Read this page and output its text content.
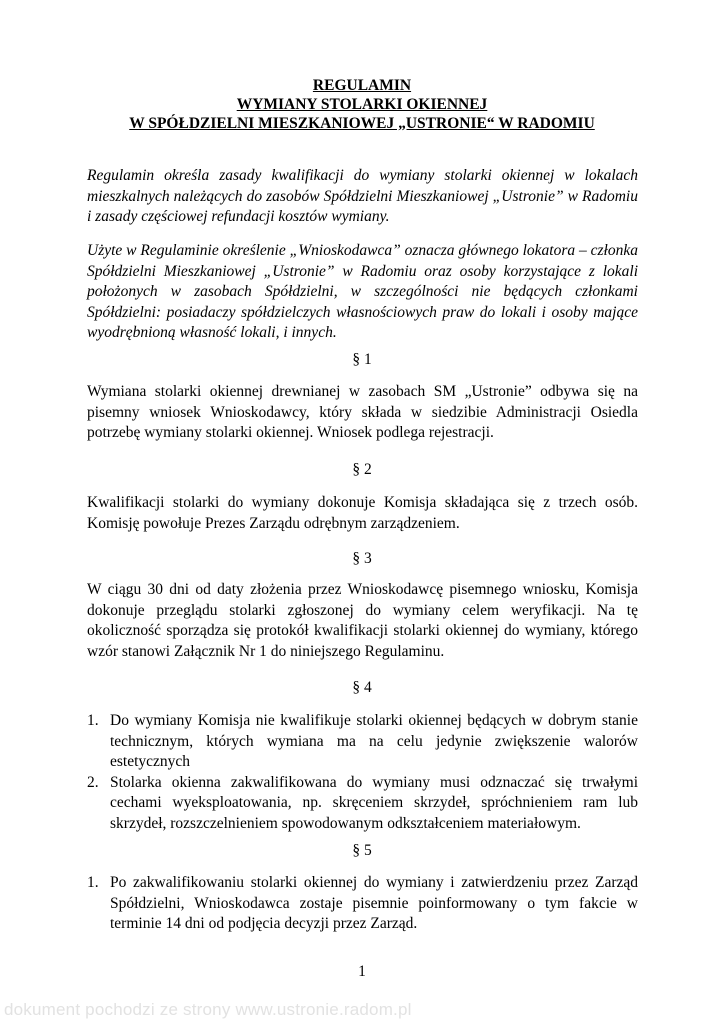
REGULAMIN
WYMIANY STOLARKI OKIENNEJ
W SPÓŁDZIELNI MIESZKANIOWEJ „USTRONIE“ W RADOMIU
Regulamin określa zasady kwalifikacji do wymiany stolarki okiennej w lokalach mieszkalnych należących do zasobów Spółdzielni Mieszkaniowej „Ustronie” w Radomiu i zasady częściowej refundacji kosztów wymiany.
Użyte w Regulaminie określenie „Wnioskodawca” oznacza głównego lokatora – członka Spółdzielni Mieszkaniowej „Ustronie” w Radomiu oraz osoby korzystające z lokali położonych w zasobach Spółdzielni, w szczególności nie będących członkami Spółdzielni: posiadaczy spółdzielczych własnościowych praw do lokali i osoby mające wyodrębnioną własność lokali, i innych.
§ 1
Wymiana stolarki okiennej drewnianej w zasobach SM „Ustronie” odbywa się na pisemny wniosek Wnioskodawcy, który składa w siedzibie Administracji Osiedla potrzebę wymiany stolarki okiennej. Wniosek podlega rejestracji.
§ 2
Kwalifikacji stolarki do wymiany dokonuje Komisja składająca się z trzech osób. Komisję powołuje Prezes Zarządu odrębnym zarządzeniem.
§ 3
W ciągu 30 dni od daty złożenia przez Wnioskodawcę pisemnego wniosku, Komisja dokonuje przeglądu stolarki zgłoszonej do wymiany celem weryfikacji. Na tę okoliczność sporządza się protokół kwalifikacji stolarki okiennej do wymiany, którego wzór stanowi Załącznik Nr 1 do niniejszego Regulaminu.
§ 4
1. Do wymiany Komisja nie kwalifikuje stolarki okiennej będących w dobrym stanie technicznym, których wymiana ma na celu jedynie zwiększenie walorów estetycznych
2. Stolarka okienna zakwalifikowana do wymiany musi odznaczać się trwałymi cechami wyeksploatowania, np. skręceniem skrzydeł, spróchnieniem ram lub skrzydeł, rozszczelnieniem spowodowanym odkształceniem materiałowym.
§ 5
1. Po zakwalifikowaniu stolarki okiennej do wymiany i zatwierdzeniu przez Zarząd Spółdzielni, Wnioskodawca zostaje pisemnie poinformowany o tym fakcie w terminie 14 dni od podjęcia decyzji przez Zarząd.
1
dokument pochodzi ze strony www.ustronie.radom.pl
